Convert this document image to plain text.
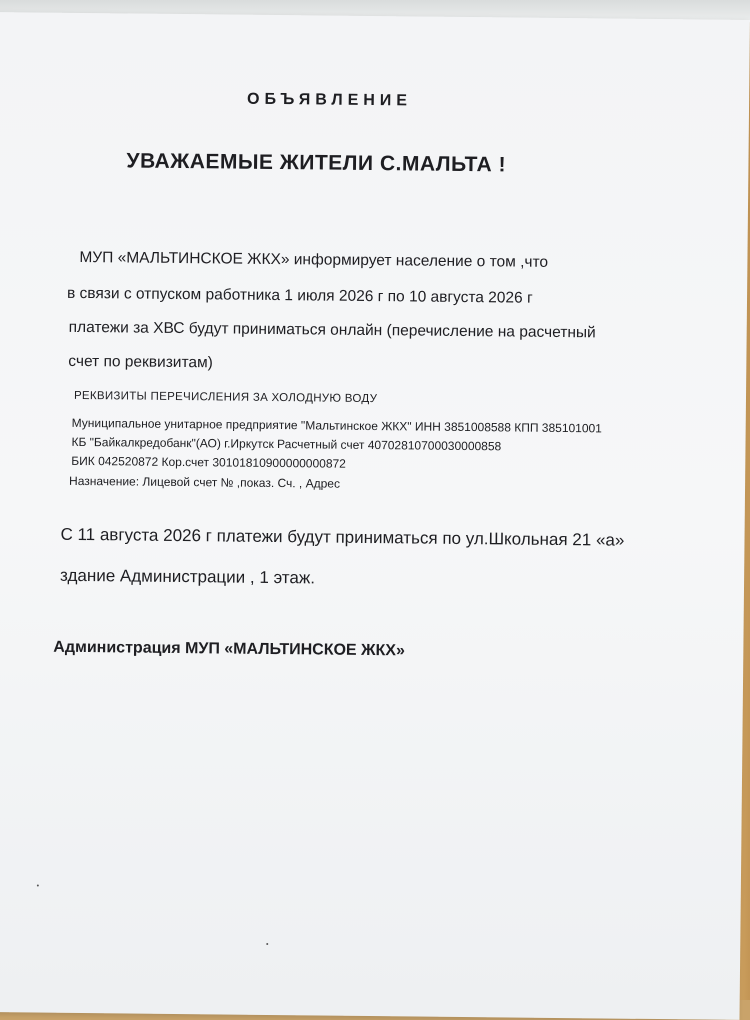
ОБЪЯВЛЕНИЕ
УВАЖАЕМЫЕ ЖИТЕЛИ С.МАЛЬТА !
МУП «МАЛЬТИНСКОЕ ЖКХ» информирует население о том ,что
в связи с отпуском работника 1 июля 2026 г по 10 августа 2026 г
платежи за ХВС будут приниматься онлайн (перечисление на расчетный
счет по реквизитам)
РЕКВИЗИТЫ ПЕРЕЧИСЛЕНИЯ ЗА ХОЛОДНУЮ ВОДУ
Муниципальное унитарное предприятие "Мальтинское ЖКХ" ИНН 3851008588 КПП 385101001
КБ "Байкалкредобанк"(АО) г.Иркутск Расчетный счет 40702810700030000858
БИК 042520872 Кор.счет 30101810900000000872
Назначение: Лицевой счет № ,показ. Сч. , Адрес
С 11 августа 2026 г платежи будут приниматься по ул.Школьная 21 «а»
здание Администрации , 1 этаж.
Администрация МУП «МАЛЬТИНСКОЕ ЖКХ»
